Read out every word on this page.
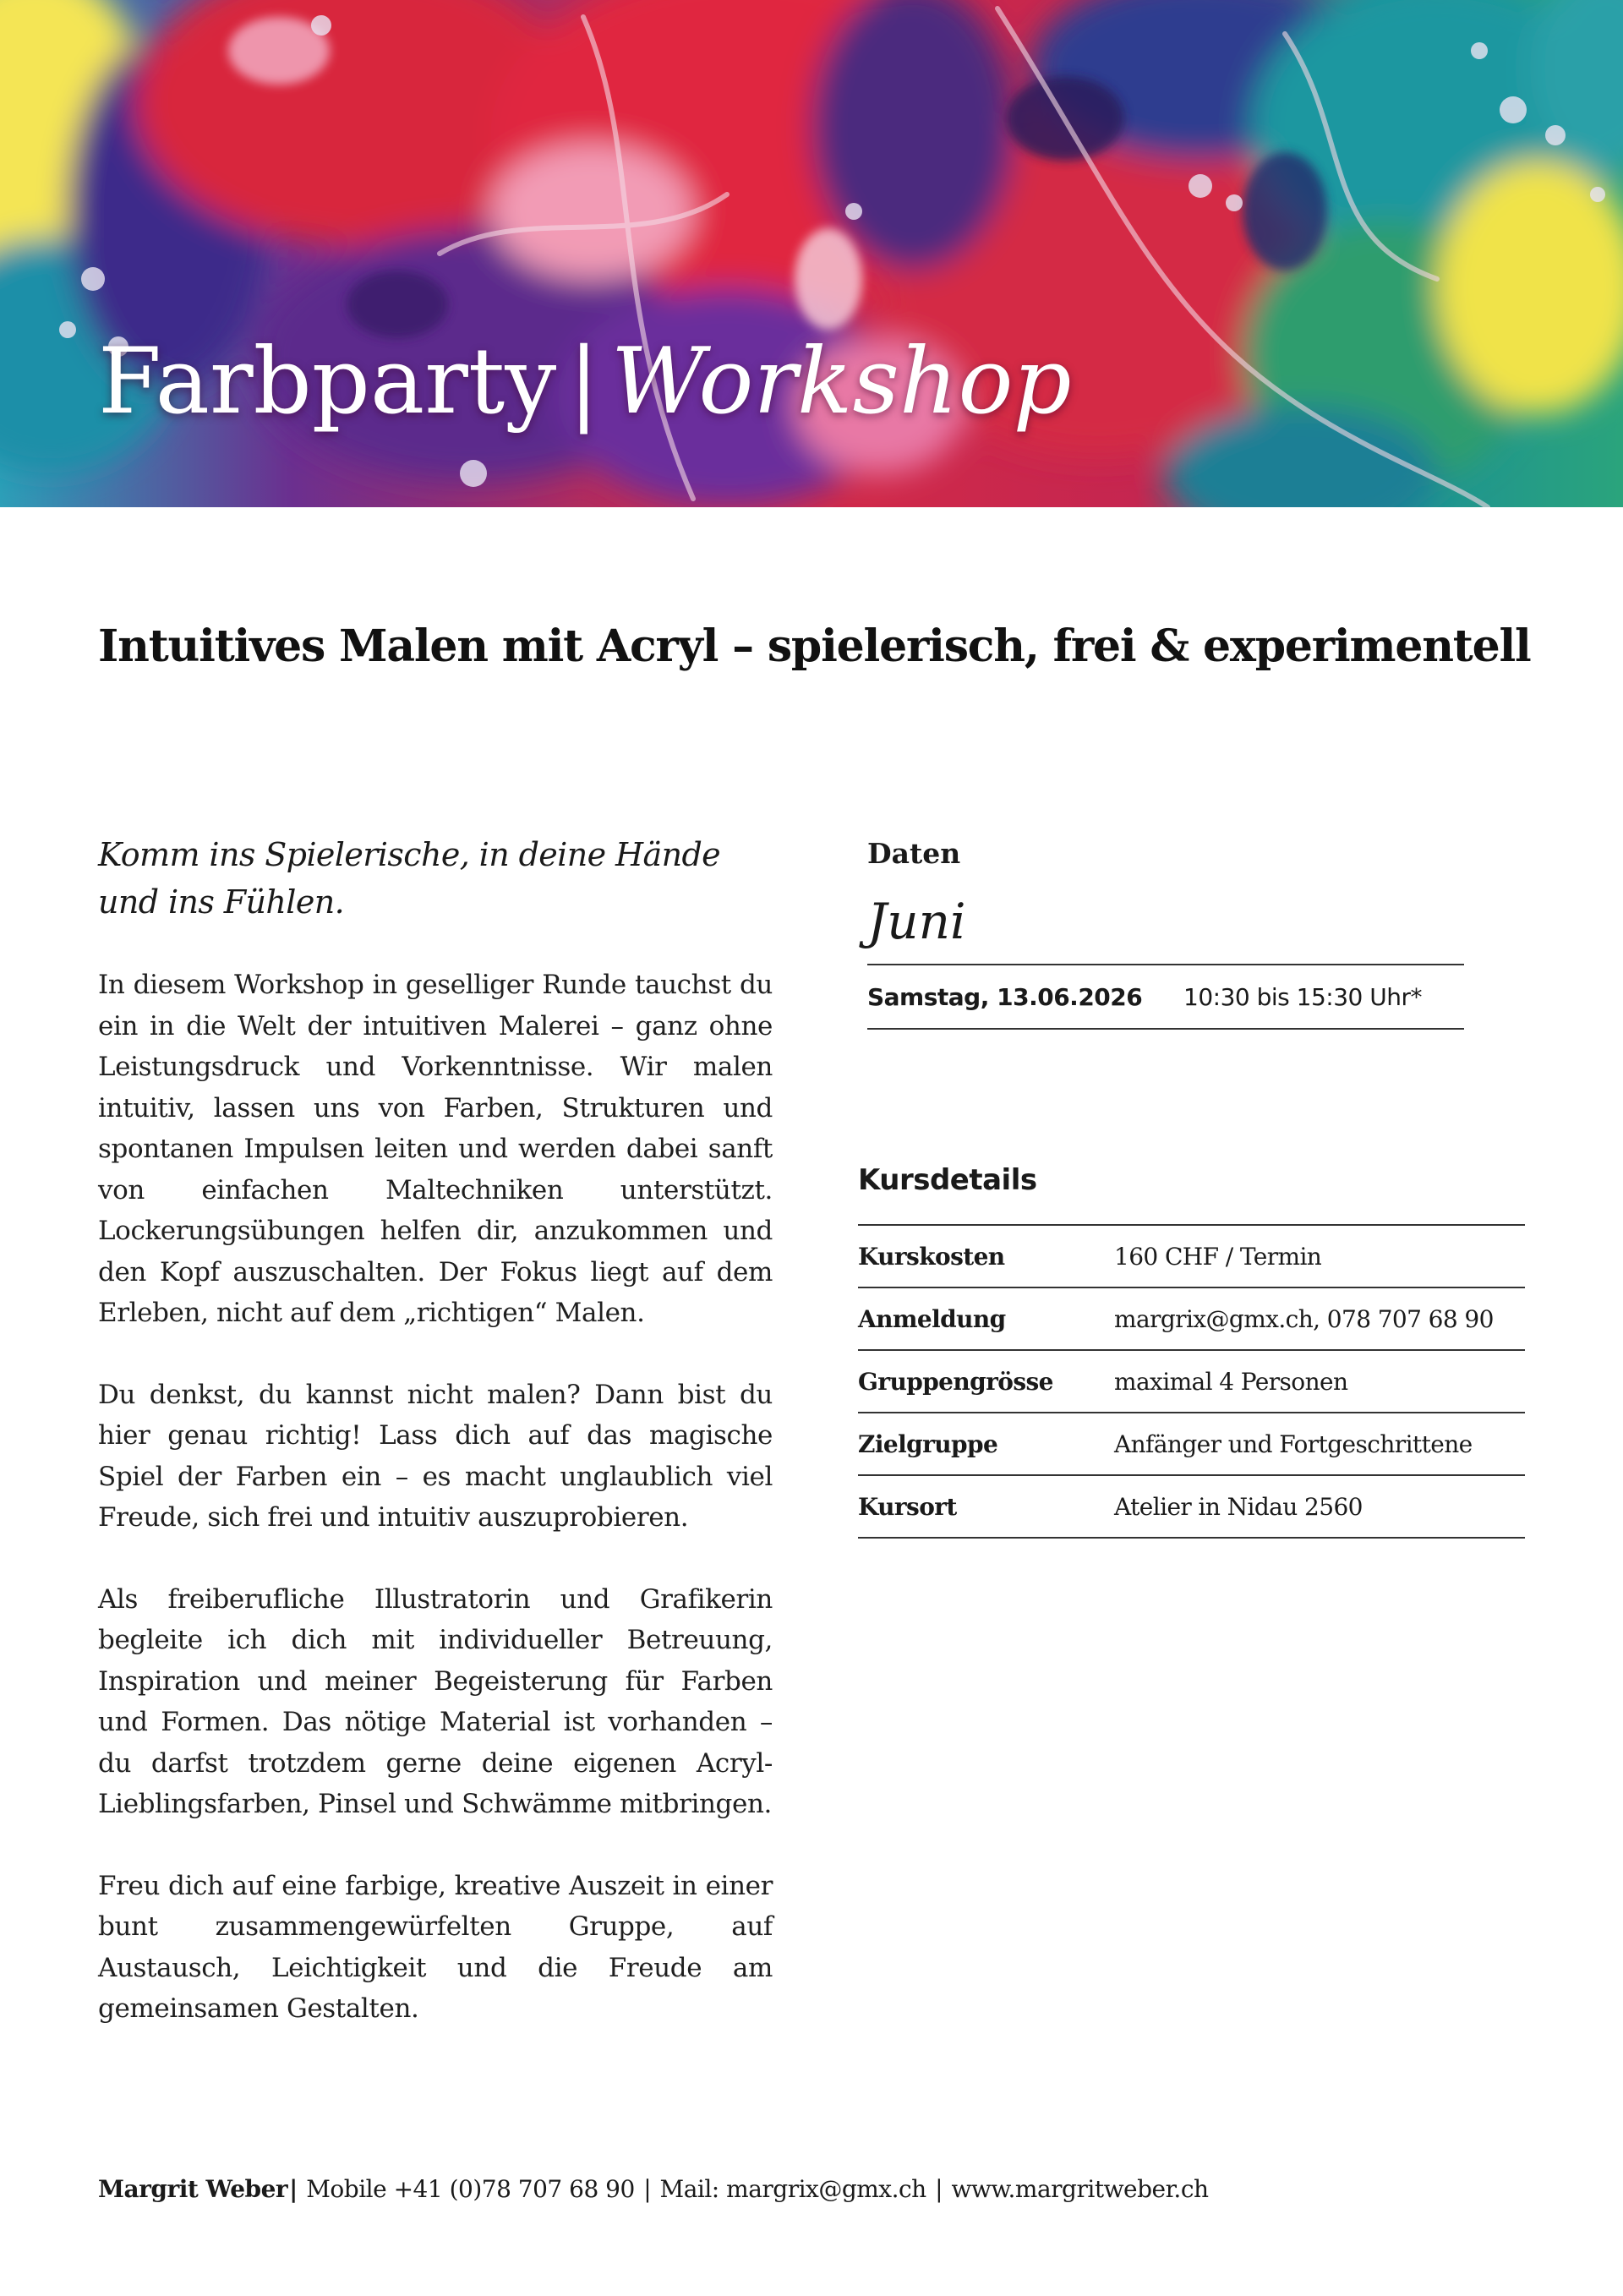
Farbparty | Workshop
Intuitives Malen mit Acryl – spielerisch, frei & experimentell

Komm ins Spielerische, in deine Hände
und ins Fühlen.

In diesem Workshop in geselliger Runde tauchst du ein in die Welt der intuitiven Malerei – ganz ohne Leistungsdruck und Vorkenntnisse. Wir malen intuitiv, lassen uns von Farben, Strukturen und spontanen Impulsen leiten und werden dabei sanft von einfachen Maltechniken unterstützt. Lockerungsübungen helfen dir, anzukommen und den Kopf auszuschalten. Der Fokus liegt auf dem Erleben, nicht auf dem „richtigen“ Malen.

Du denkst, du kannst nicht malen? Dann bist du hier genau richtig! Lass dich auf das magische Spiel der Farben ein – es macht unglaublich viel Freude, sich frei und intuitiv auszuprobieren.

Als freiberufliche Illustratorin und Grafikerin begleite ich dich mit individueller Betreuung, Inspiration und meiner Begeisterung für Farben und Formen. Das nötige Material ist vorhanden – du darfst trotzdem gerne deine eigenen Acryl-Lieblingsfarben, Pinsel und Schwämme mitbringen.

Freu dich auf eine farbige, kreative Auszeit in einer bunt zusammengewürfelten Gruppe, auf Austausch, Leichtigkeit und die Freude am gemeinsamen Gestalten.

Daten
Juni
Samstag, 13.06.2026	10:30 bis 15:30 Uhr*
Kursdetails
Kurskosten	160 CHF / Termin
Anmeldung	margrix@gmx.ch, 078 707 68 90
Gruppengrösse	maximal 4 Personen
Zielgruppe	Anfänger und Fortgeschrittene
Kursort	Atelier in Nidau 2560
Margrit Weber| Mobile +41 (0)78 707 68 90 | Mail: margrix@gmx.ch | www.margritweber.ch
